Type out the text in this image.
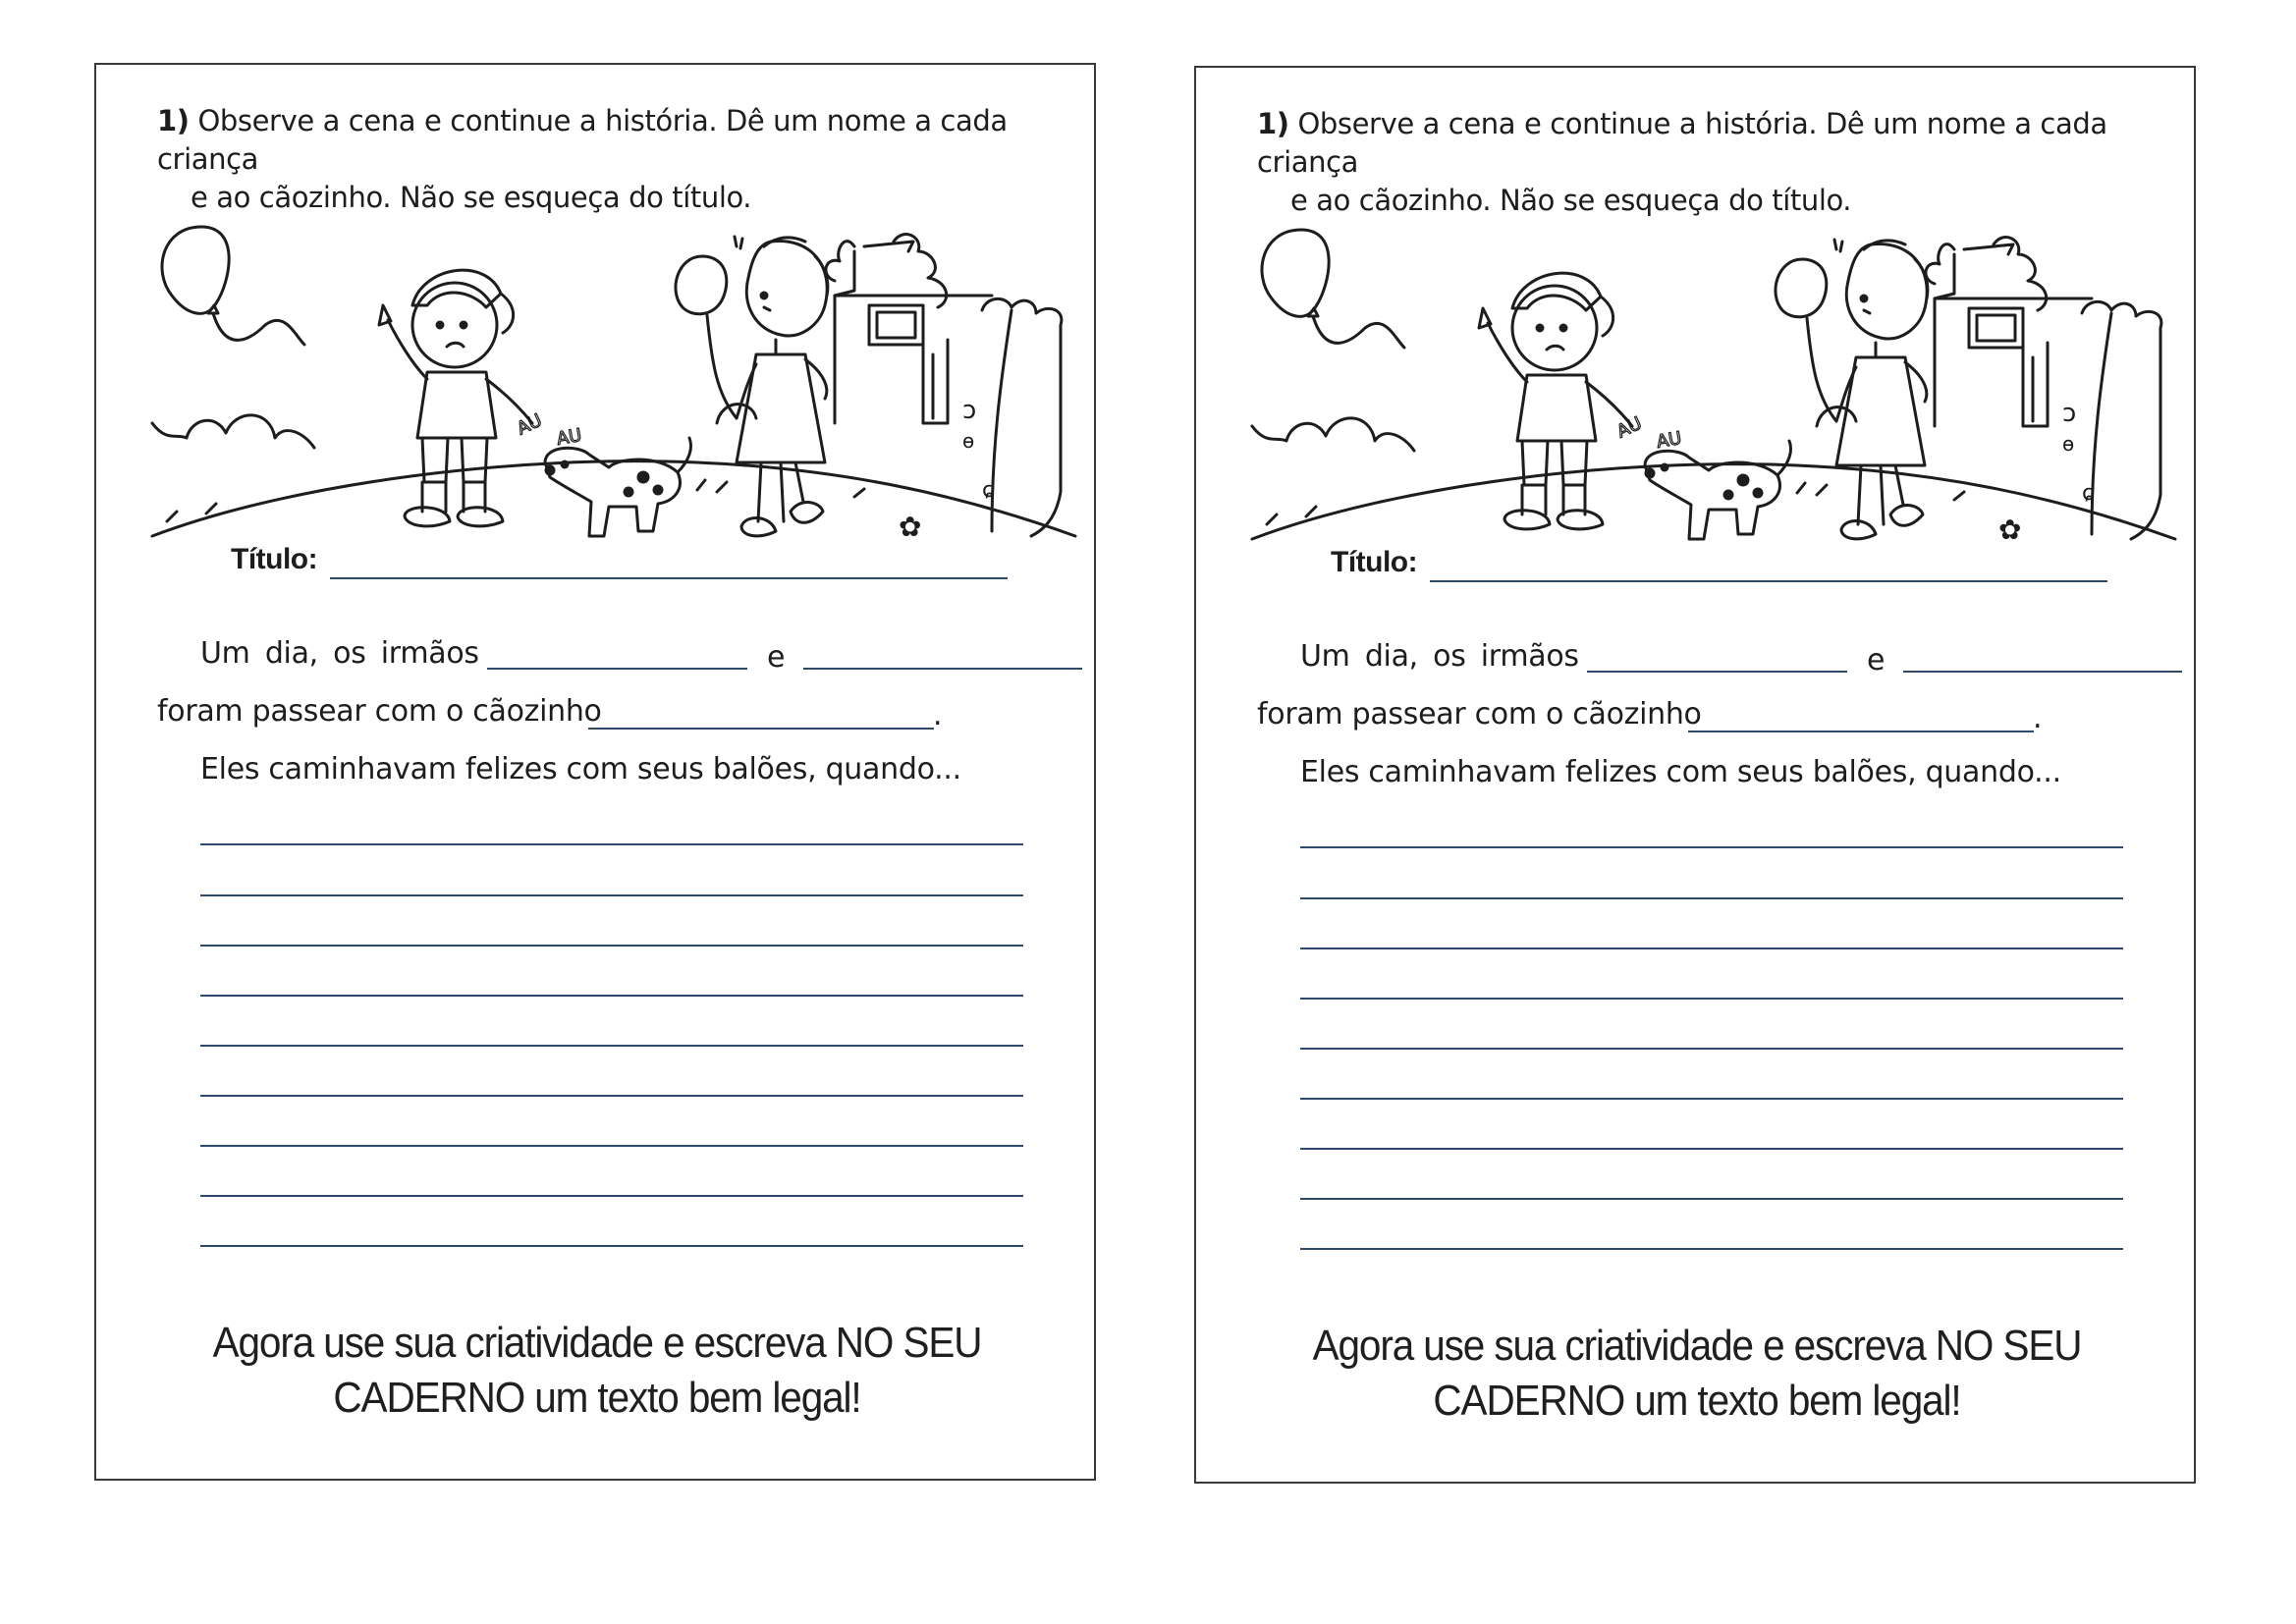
1) Observe a cena e continue a história. Dê um nome a cada criança
e ao cãozinho. Não se esqueça do título.
AU AU
ↄ
ɵ
ɕ
✿
Título:
Um dia, os irmãos	e
foram passear com o cãozinho	.
Eles caminhavam felizes com seus balões, quando...
Agora use sua criatividade e escreva NO SEU
CADERNO um texto bem legal!
1) Observe a cena e continue a história. Dê um nome a cada criança
e ao cãozinho. Não se esqueça do título.
AU AU
ↄ
ɵ
ɕ
✿
Título:
Um dia, os irmãos	e
foram passear com o cãozinho	.
Eles caminhavam felizes com seus balões, quando...
Agora use sua criatividade e escreva NO SEU
CADERNO um texto bem legal!
